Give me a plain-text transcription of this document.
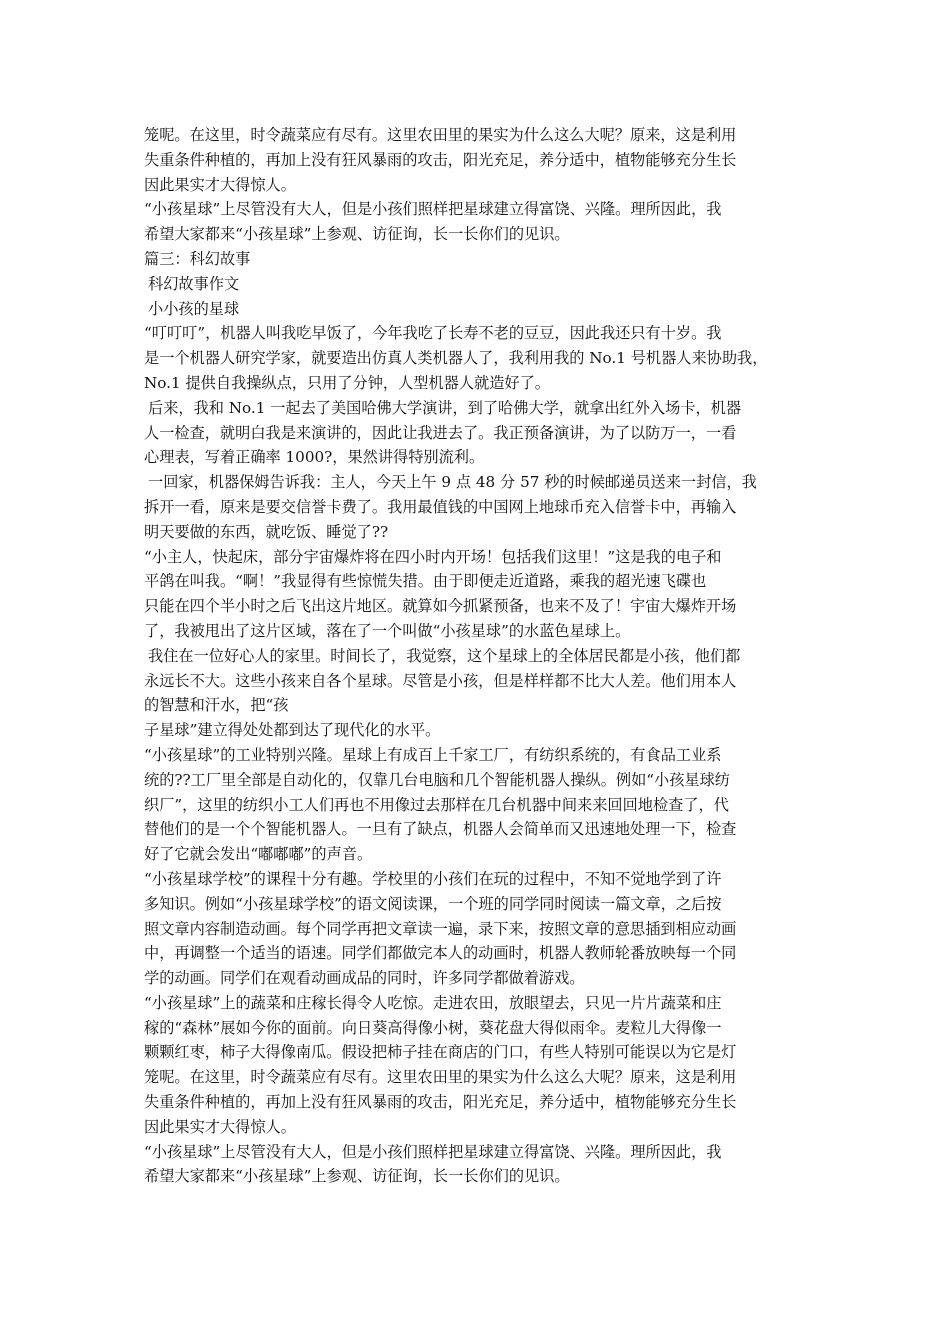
笼呢。在这里，时令蔬菜应有尽有。这里农田里的果实为什么这么大呢？原来，这是利用

失重条件种植的，再加上没有狂风暴雨的攻击，阳光充足，养分适中，植物能够充分生长

因此果实才大得惊人。

“小孩星球”上尽管没有大人，但是小孩们照样把星球建立得富饶、兴隆。理所因此，我

希望大家都来“小孩星球”上参观、访征询，长一长你们的见识。

篇三：科幻故事

科幻故事作文

小小孩的星球

“叮叮叮”，机器人叫我吃早饭了，今年我吃了长寿不老的豆豆，因此我还只有十岁。我

是一个机器人研究学家，就要造出仿真人类机器人了，我利用我的 No.1 号机器人来协助我，

No.1 提供自我操纵点，只用了分钟，人型机器人就造好了。

后来，我和 No.1 一起去了美国哈佛大学演讲，到了哈佛大学，就拿出红外入场卡，机器

人一检查，就明白我是来演讲的，因此让我进去了。我正预备演讲，为了以防万一，一看

心理表，写着正确率 1000?，果然讲得特别流利。

一回家，机器保姆告诉我：主人，今天上午 9 点 48 分 57 秒的时候邮递员送来一封信，我

拆开一看，原来是要交信誉卡费了。我用最值钱的中国网上地球币充入信誉卡中，再输入

明天要做的东西，就吃饭、睡觉了??

“小主人，快起床，部分宇宙爆炸将在四小时内开场！包括我们这里！”这是我的电子和

平鸽在叫我。“啊！”我显得有些惊慌失措。由于即便走近道路，乘我的超光速飞碟也

只能在四个半小时之后飞出这片地区。就算如今抓紧预备，也来不及了！宇宙大爆炸开场

了，我被甩出了这片区域，落在了一个叫做“小孩星球”的水蓝色星球上。

我住在一位好心人的家里。时间长了，我觉察，这个星球上的全体居民都是小孩，他们都

永远长不大。这些小孩来自各个星球。尽管是小孩，但是样样都不比大人差。他们用本人

的智慧和汗水，把“孩

子星球”建立得处处都到达了现代化的水平。

“小孩星球”的工业特别兴隆。星球上有成百上千家工厂，有纺织系统的，有食品工业系

统的??工厂里全部是自动化的，仅靠几台电脑和几个智能机器人操纵。例如“小孩星球纺

织厂”，这里的纺织小工人们再也不用像过去那样在几台机器中间来来回回地检查了，代

替他们的是一个个智能机器人。一旦有了缺点，机器人会简单而又迅速地处理一下，检查

好了它就会发出“嘟嘟嘟”的声音。

“小孩星球学校”的课程十分有趣。学校里的小孩们在玩的过程中，不知不觉地学到了许

多知识。例如“小孩星球学校”的语文阅读课，一个班的同学同时阅读一篇文章，之后按

照文章内容制造动画。每个同学再把文章读一遍，录下来，按照文章的意思插到相应动画

中，再调整一个适当的语速。同学们都做完本人的动画时，机器人教师轮番放映每一个同

学的动画。同学们在观看动画成品的同时，许多同学都做着游戏。

“小孩星球”上的蔬菜和庄稼长得令人吃惊。走进农田，放眼望去，只见一片片蔬菜和庄

稼的“森林”展如今你的面前。向日葵高得像小树，葵花盘大得似雨伞。麦粒儿大得像一

颗颗红枣，柿子大得像南瓜。假设把柿子挂在商店的门口，有些人特别可能误以为它是灯

笼呢。在这里，时令蔬菜应有尽有。这里农田里的果实为什么这么大呢？原来，这是利用

失重条件种植的，再加上没有狂风暴雨的攻击，阳光充足，养分适中，植物能够充分生长

因此果实才大得惊人。

“小孩星球”上尽管没有大人，但是小孩们照样把星球建立得富饶、兴隆。理所因此，我

希望大家都来“小孩星球”上参观、访征询，长一长你们的见识。
